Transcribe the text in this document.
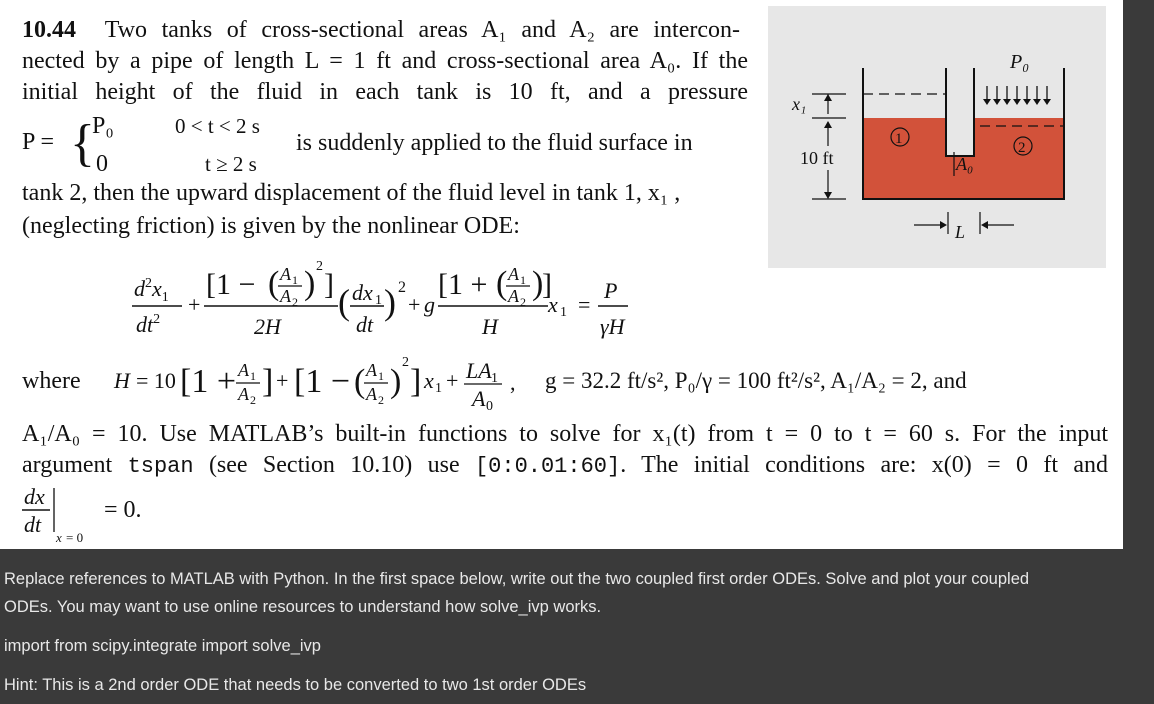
10.44 Two tanks of cross-sectional areas A₁ and A₂ are intercon-
nected by a pipe of length L = 1 ft and cross-sectional area A₀. If the
initial height of the fluid in each tank is 10 ft, and a pressure
P = {
P₀	0 < t < 2 s
0	t ≥ 2 s
is suddenly applied to the fluid surface in
tank 2, then the upward displacement of the fluid level in tank 1, x₁ ,
(neglecting friction) is given by the nonlinear ODE:
$d^2x_1$
$dt^2$
+
[1 − ( A 1
A 2 ) 2
]
2H
( dx 1
dt
) 2
+ g
[1 + ( A 1
A 2 )
]
H
x 1 =
P
γH
where H = 10 [1 + A 1
A 2 ] + [1 − ( A 1
A 2 )
2
] x 1 + LA 1
A 0
, g = 32.2 ft/s², P₀/γ = 100 ft²/s², A₁/A₂ = 2, and
A₁/A₀ = 10. Use MATLAB’s built-in functions to solve for x₁(t) from t = 0 to t = 60 s. For the input
argument tspan (see Section 10.10) use [0:0.01:60]. The initial conditions are: x(0) = 0 ft and
dx
dt
x = 0
= 0.
1
2
P₀
x₁
10 ft	A₀
L
Replace references to MATLAB with Python. In the first space below, write out the two coupled first order ODEs. Solve and plot your coupled
ODEs. You may want to use online resources to understand how solve_ivp works.
import from scipy.integrate import solve_ivp
Hint: This is a 2nd order ODE that needs to be converted to two 1st order ODEs
